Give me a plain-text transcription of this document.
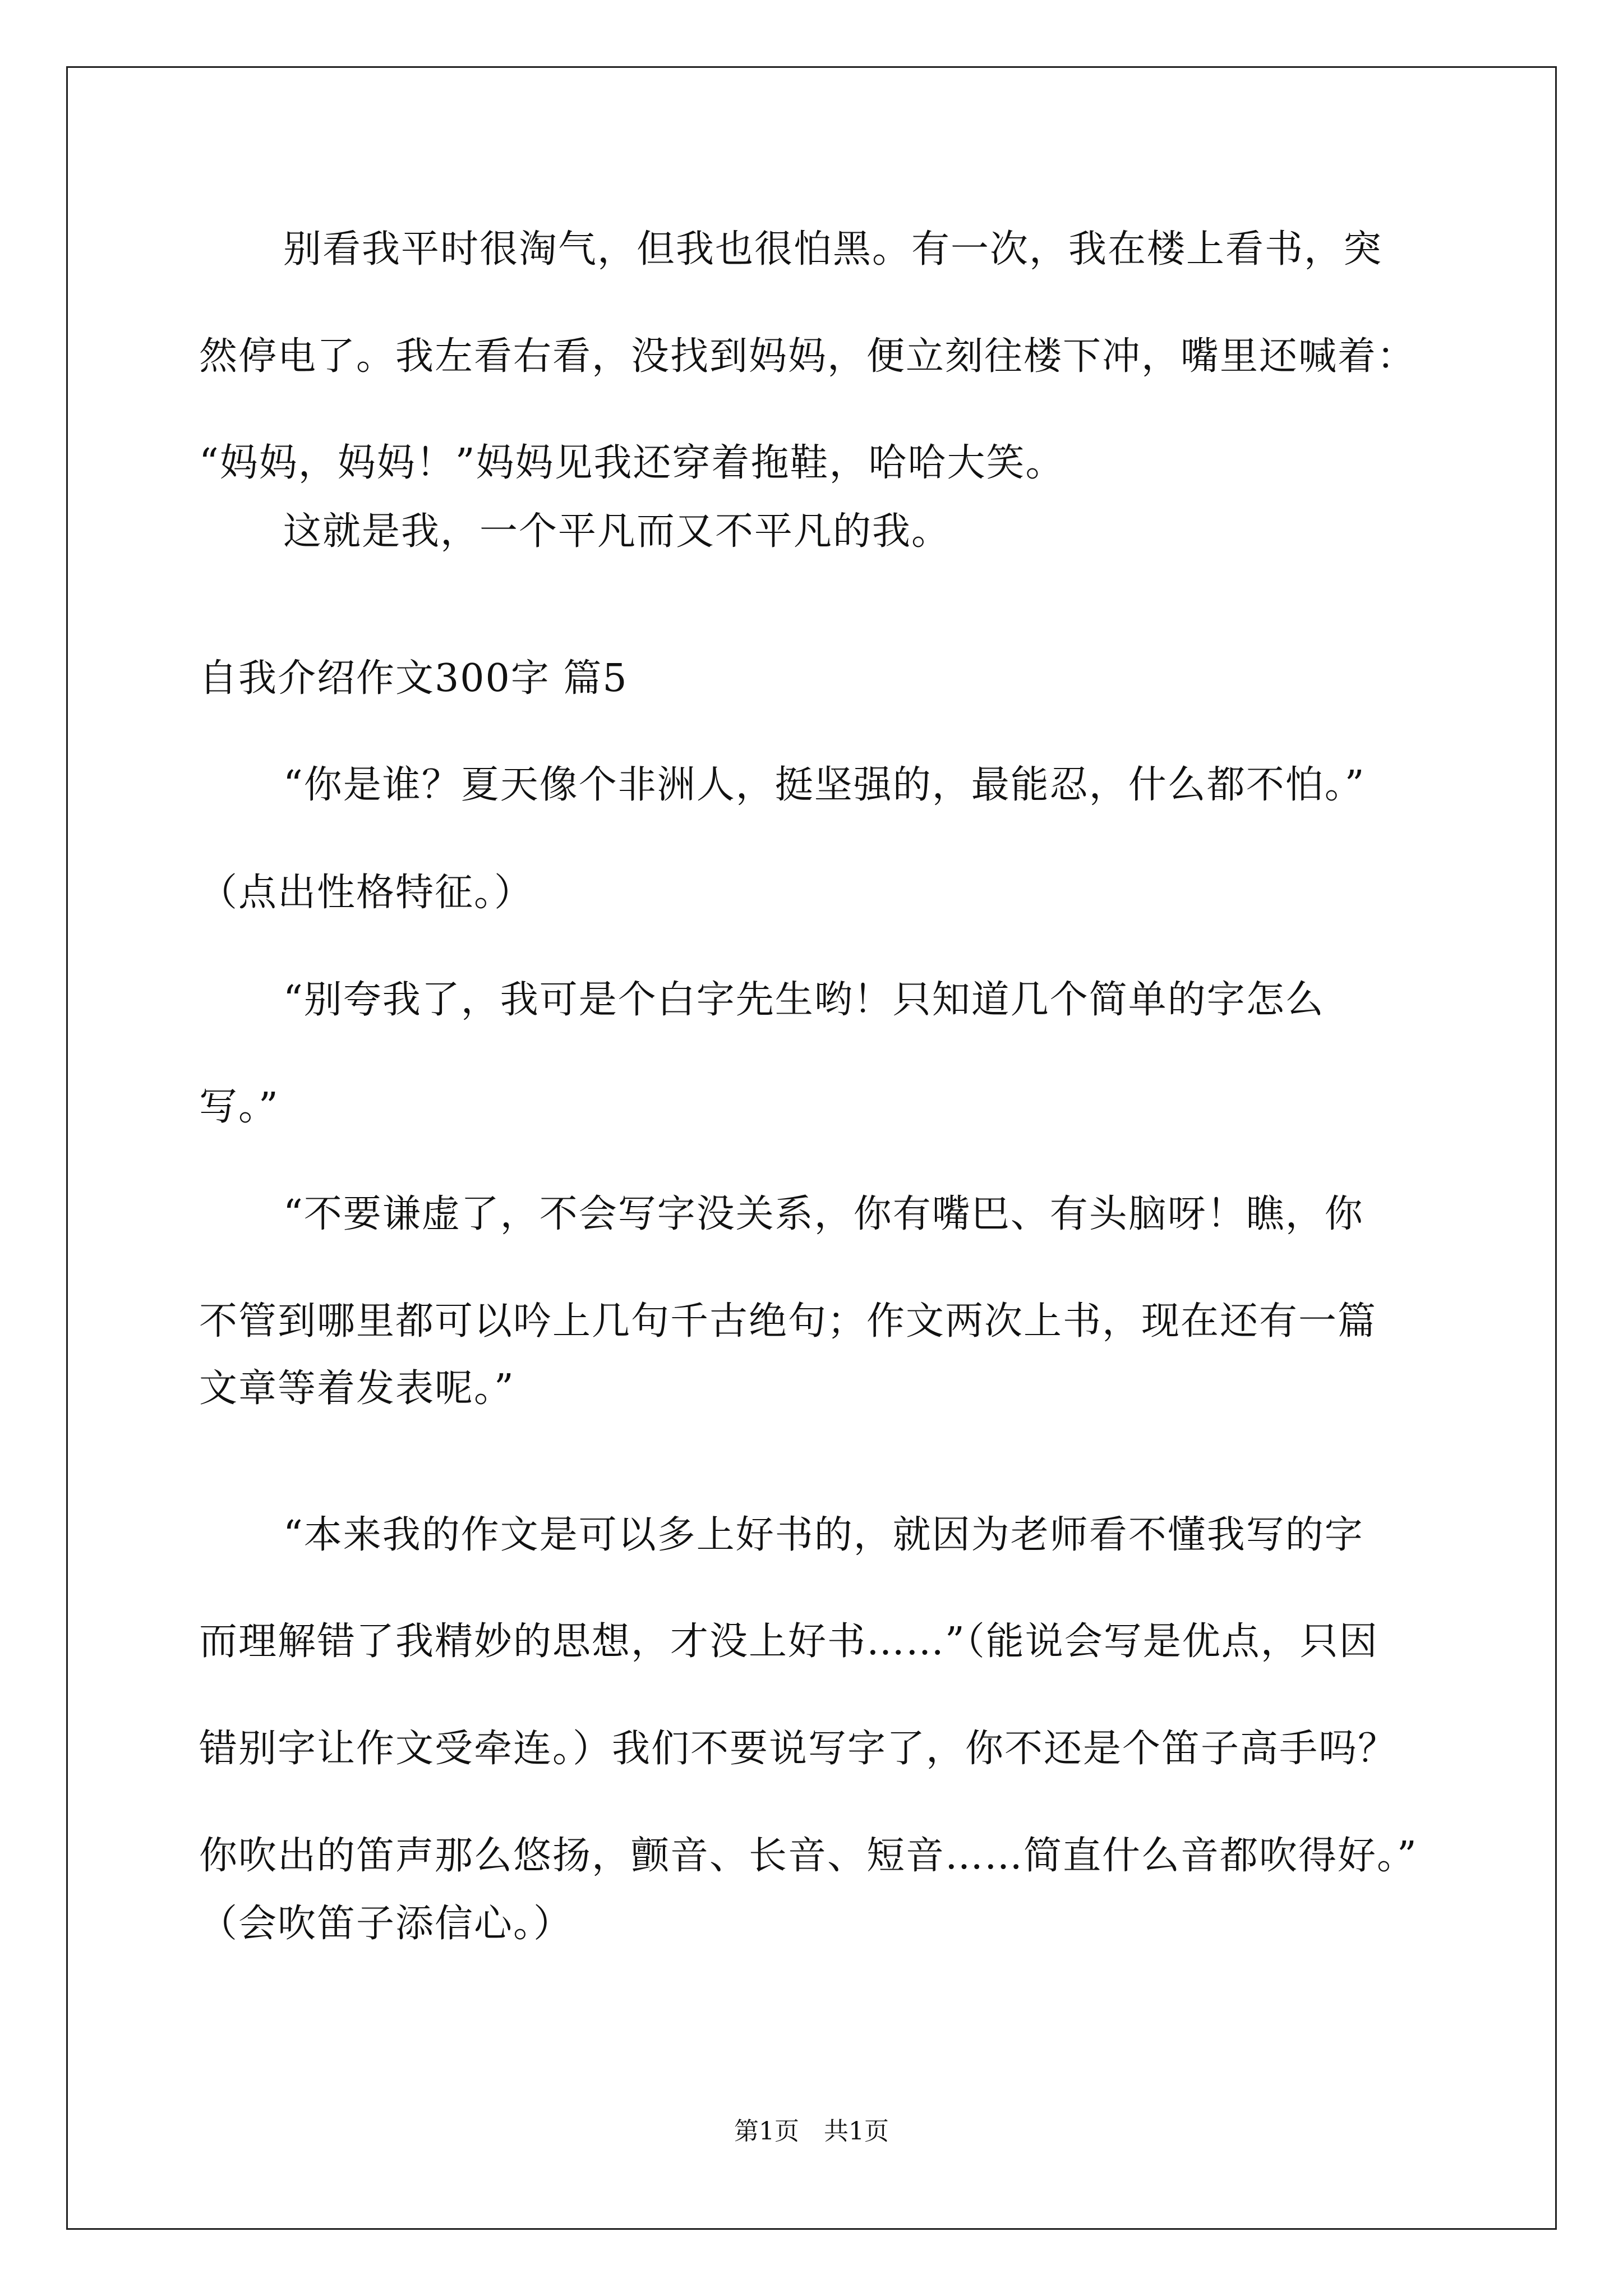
别看我平时很淘气，但我也很怕黑。有一次，我在楼上看书，突
然停电了。我左看右看，没找到妈妈，便立刻往楼下冲，嘴里还喊着：
“妈妈，妈妈！”妈妈见我还穿着拖鞋，哈哈大笑。
这就是我，一个平凡而又不平凡的我。
自我介绍作文300字 篇5
“你是谁？夏天像个非洲人，挺坚强的，最能忍，什么都不怕。”
（点出性格特征。）
“别夸我了，我可是个白字先生哟！只知道几个简单的字怎么
写。”
“不要谦虚了，不会写字没关系，你有嘴巴、有头脑呀！瞧，你
不管到哪里都可以吟上几句千古绝句；作文两次上书，现在还有一篇
文章等着发表呢。”
“本来我的作文是可以多上好书的，就因为老师看不懂我写的字
而理解错了我精妙的思想，才没上好书……”（能说会写是优点，只因
错别字让作文受牵连。）我们不要说写字了，你不还是个笛子高手吗？
你吹出的笛声那么悠扬，颤音、长音、短音……简直什么音都吹得好。”
（会吹笛子添信心。）
第1页　共1页
